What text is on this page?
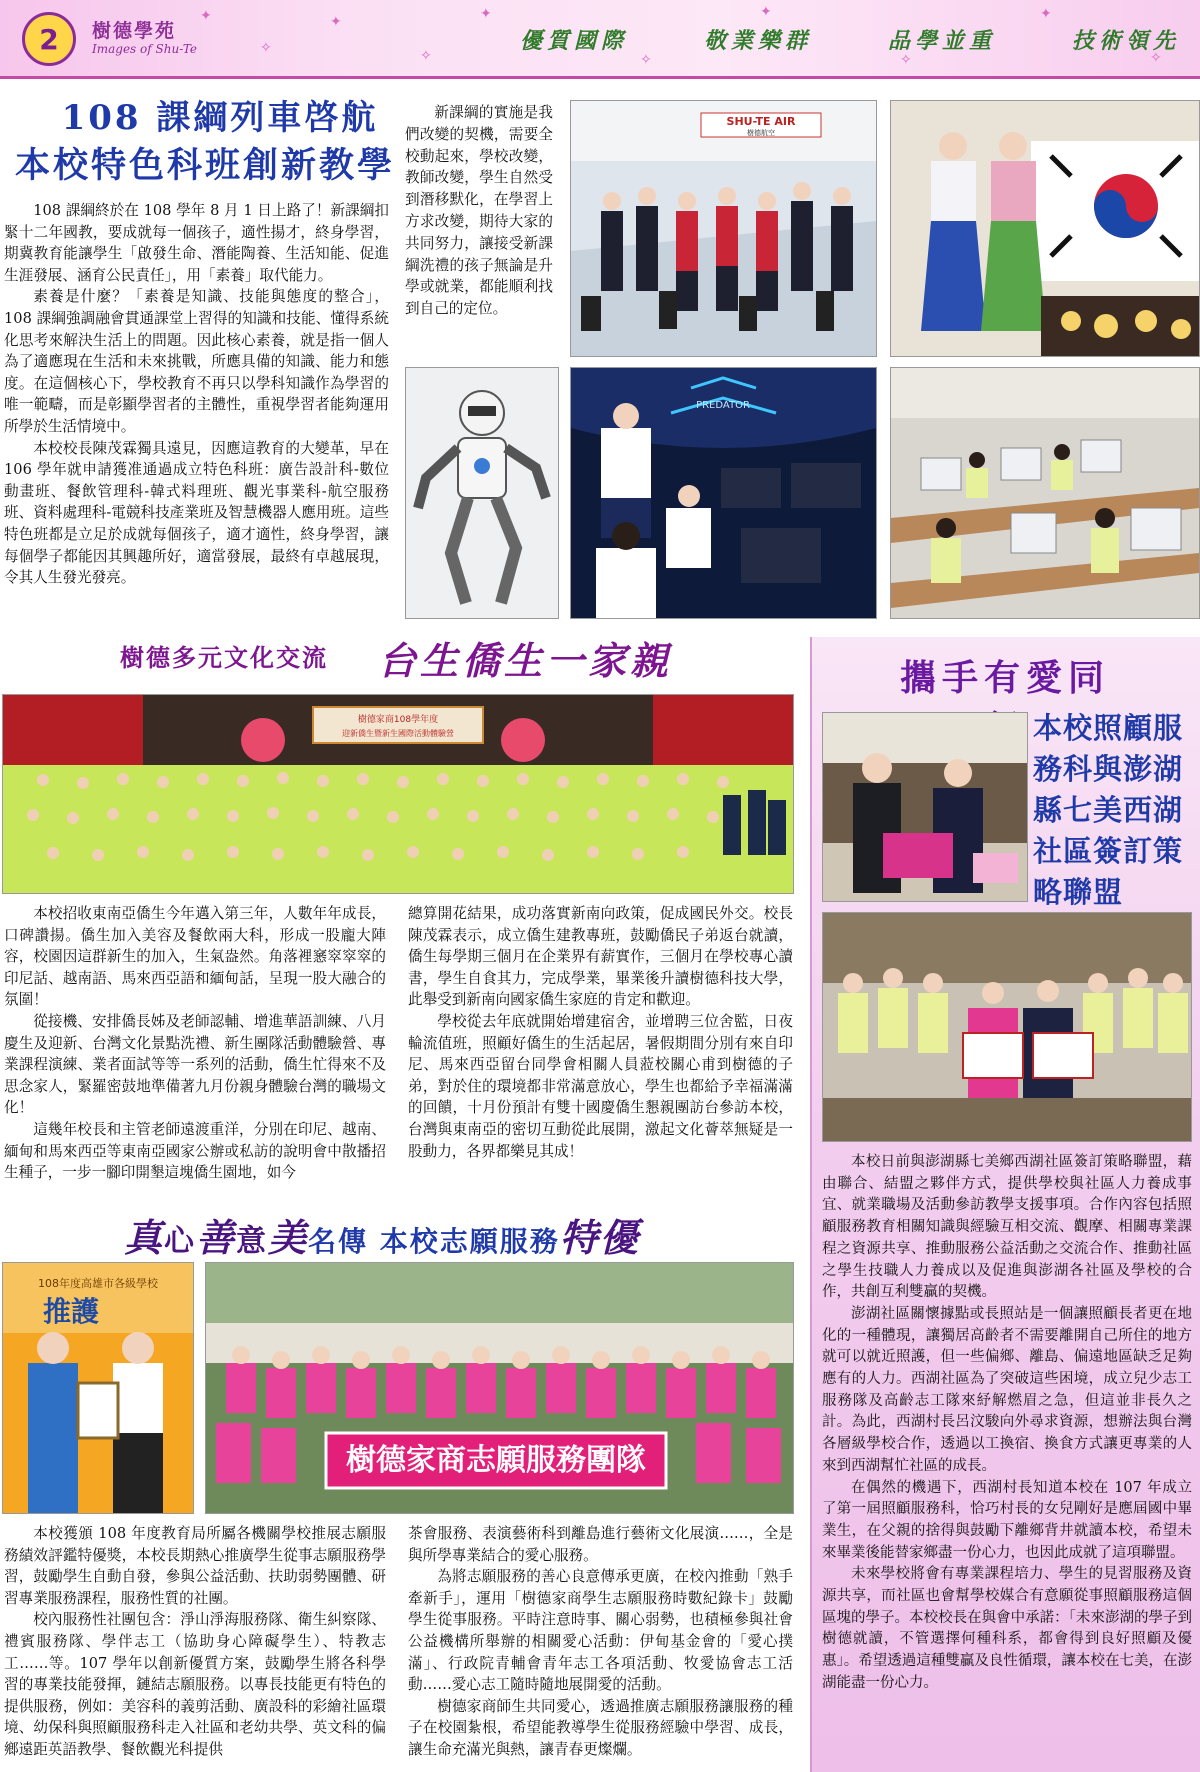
✦
✧
✦
✧
✦
✧
✦
✧
✦
✧
2 樹德學苑
Images of Shu-Te	優質國際	敬業樂群	品學並重	技術領先
108 課綱列車啓航
本校特色科班創新教學

108 課綱終於在 108 學年 8 月 1 日上路了！新課綱扣緊十二年國教，要成就每一個孩子，適性揚才，終身學習，期冀教育能讓學生「啟發生命、潛能陶養、生活知能、促進生涯發展、涵育公民責任」，用「素養」取代能力。

素養是什麼？「素養是知識、技能與態度的整合」，108 課綱強調融會貫通課堂上習得的知識和技能、懂得系統化思考來解決生活上的問題。因此核心素養，就是指一個人為了適應現在生活和未來挑戰，所應具備的知識、能力和態度。在這個核心下，學校教育不再只以學科知識作為學習的唯一範疇，而是彰顯學習者的主體性，重視學習者能夠運用所學於生活情境中。

本校校長陳茂霖獨具遠見，因應這教育的大變革，早在 106 學年就申請獲准通過成立特色科班：廣告設計科-數位動畫班、餐飲管理科-韓式料理班、觀光事業科-航空服務班、資料處理科-電競科技產業班及智慧機器人應用班。這些特色班都是立足於成就每個孩子，適才適性，終身學習，讓每個學子都能因其興趣所好，適當發展，最終有卓越展現，令其人生發光發亮。

新課綱的實施是我們改變的契機，需要全校動起來，學校改變，教師改變，學生自然受到潛移默化，在學習上方求改變，期待大家的共同努力，讓接受新課綱洗禮的孩子無論是升學或就業，都能順利找到自己的定位。

SHU-TE AIR
樹德航空
PREDATOR
樹德多元文化交流 台生僑生一家親
樹德家商108學年度
迎新僑生暨新生國際活動體驗營

本校招收東南亞僑生今年邁入第三年，人數年年成長，口碑讚揚。僑生加入美容及餐飲兩大科，形成一股龐大陣容，校園因這群新生的加入，生氣盎然。角落裡窸窣窣窣的印尼話、越南語、馬來西亞語和緬甸話，呈現一股大融合的氛圍！

從接機、安排僑長姊及老師認輔、增進華語訓練、八月慶生及迎新、台灣文化景點洗禮、新生團隊活動體驗營、專業課程演練、業者面試等等一系列的活動，僑生忙得來不及思念家人，緊羅密鼓地準備著九月份親身體驗台灣的職場文化！

這幾年校長和主管老師遠渡重洋，分別在印尼、越南、緬甸和馬來西亞等東南亞國家公辦或私訪的說明會中散播招生種子，一步一腳印開墾這塊僑生園地，如今

總算開花結果，成功落實新南向政策，促成國民外交。校長陳茂霖表示，成立僑生建教專班，鼓勵僑民子弟返台就讀，僑生每學期三個月在企業界有薪實作，三個月在學校專心讀書，學生自食其力，完成學業，畢業後升讀樹德科技大學，此舉受到新南向國家僑生家庭的肯定和歡迎。

學校從去年底就開始增建宿舍，並增聘三位舍監，日夜輪流值班，照顧好僑生的生活起居，暑假期間分別有來自印尼、馬來西亞留台同學會相關人員蒞校關心甫到樹德的子弟，對於住的環境都非常滿意放心，學生也都給予幸福滿滿的回饋，十月份預計有雙十國慶僑生懇親團訪台參訪本校，台灣與東南亞的密切互動從此展開，激起文化薈萃無疑是一股動力，各界都樂見其成！

真心善意美名傳 本校志願服務特優
108年度高雄市各級學校
推護
樹德家商志願服務團隊

本校獲頒 108 年度教育局所屬各機關學校推展志願服務績效評鑑特優獎，本校長期熱心推廣學生從事志願服務學習，鼓勵學生自動自發，參與公益活動、扶助弱勢團體、研習專業服務課程，服務性質的社團。

校內服務性社團包含：淨山淨海服務隊、衛生糾察隊、禮賓服務隊、學伴志工（協助身心障礙學生）、特教志工……等。107 學年以創新優質方案，鼓勵學生將各科學習的專業技能發揮，鏈結志願服務。以專長技能更有特色的提供服務，例如：美容科的義剪活動、廣設科的彩繪社區環境、幼保科與照顧服務科走入社區和老幼共學、英文科的偏鄉遠距英語教學、餐飲觀光科提供

茶會服務、表演藝術科到離島進行藝術文化展演……，全是與所學專業結合的愛心服務。

為將志願服務的善心良意傳承更廣，在校內推動「熟手牽新手」，運用「樹德家商學生志願服務時數紀錄卡」鼓勵學生從事服務。平時注意時事、關心弱勢，也積極參與社會公益機構所舉辦的相關愛心活動：伊甸基金會的「愛心撲滿」、行政院青輔會青年志工各項活動、牧愛協會志工活動……愛心志工隨時隨地展開愛的活動。

樹德家商師生共同愛心，透過推廣志願服務讓服務的種子在校園紮根，希望能教導學生從服務經驗中學習、成長，讓生命充滿光與熱，讓青春更燦爛。

攜手有愛同
本校照顧服
務科與澎湖
縣七美西湖
社區簽訂策
略聯盟

本校日前與澎湖縣七美鄉西湖社區簽訂策略聯盟，藉由聯合、結盟之夥伴方式，提供學校與社區人力養成事宜、就業職場及活動參訪教學支援事項。合作內容包括照顧服務教育相關知識與經驗互相交流、觀摩、相關專業課程之資源共享、推動服務公益活動之交流合作、推動社區之學生技職人力養成以及促進與澎湖各社區及學校的合作，共創互利雙贏的契機。

澎湖社區關懷據點或長照站是一個讓照顧長者更在地化的一種體現，讓獨居高齡者不需要離開自己所住的地方就可以就近照護，但一些偏鄉、離島、偏遠地區缺乏足夠應有的人力。西湖社區為了突破這些困境，成立兒少志工服務隊及高齡志工隊來紓解燃眉之急，但這並非長久之計。為此，西湖村長呂汶駿向外尋求資源，想辦法與台灣各層級學校合作，透過以工換宿、換食方式讓更專業的人來到西湖幫忙社區的成長。

在偶然的機遇下，西湖村長知道本校在 107 年成立了第一屆照顧服務科，恰巧村長的女兒剛好是應屆國中畢業生，在父親的捨得與鼓勵下離鄉背井就讀本校，希望未來畢業後能替家鄉盡一份心力，也因此成就了這項聯盟。

未來學校將會有專業課程培力、學生的見習服務及資源共享，而社區也會幫學校媒合有意願從事照顧服務這個區塊的學子。本校校長在與會中承諾：「未來澎湖的學子到樹德就讀，不管選擇何種科系，都會得到良好照顧及優惠」。希望透過這種雙贏及良性循環，讓本校在七美，在澎湖能盡一份心力。
